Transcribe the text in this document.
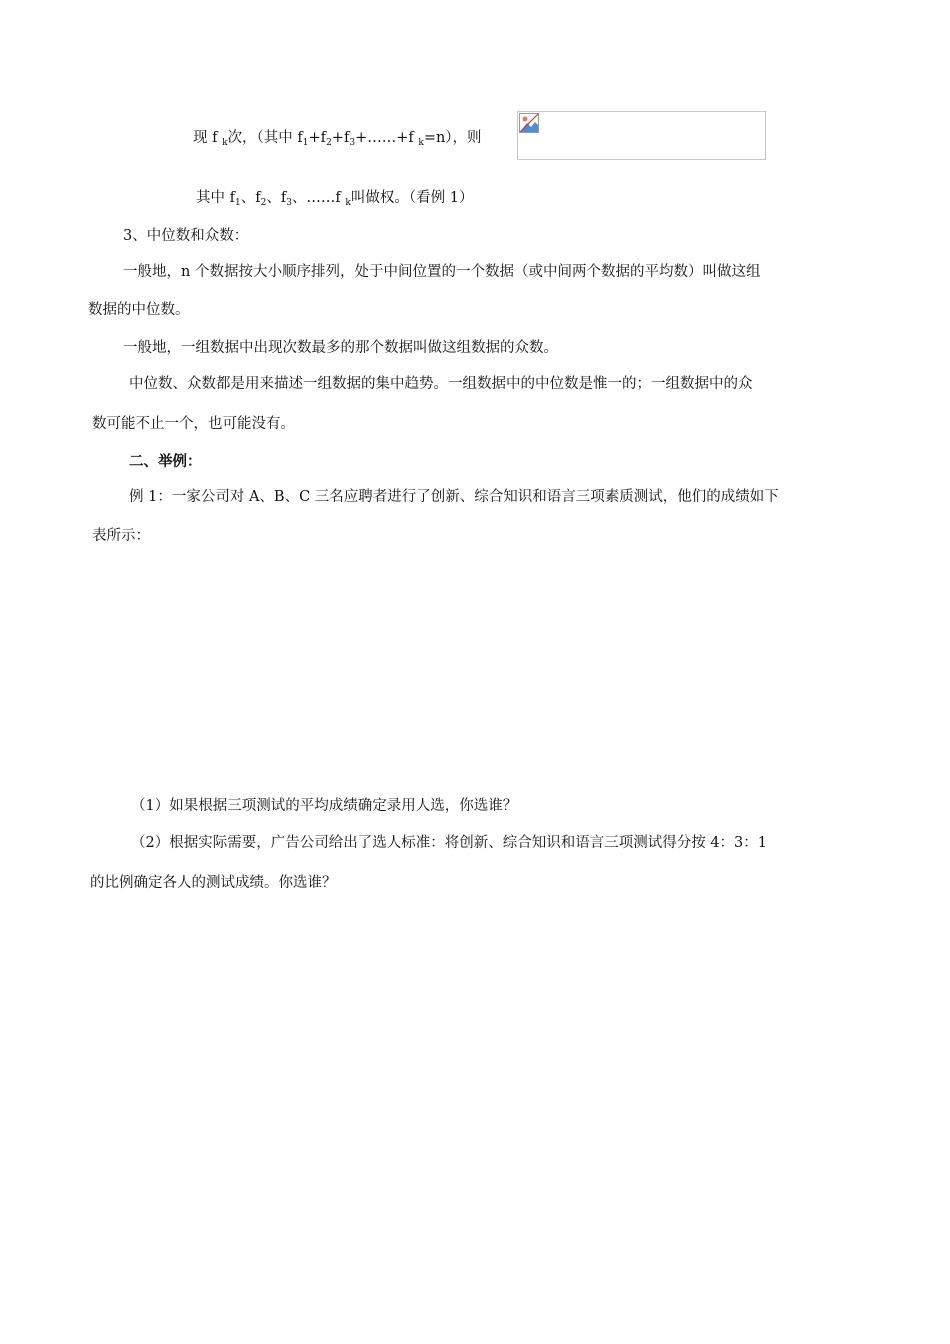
现 f $_k$次，（其中 $f_1+f_2+f_3+\dots\dots+f$ $_k$=n），则
其中 $f_1$、$f_2$、$f_3$、……f $_k$叫做权。（看例 1）
3、中位数和众数：
一般地，n 个数据按大小顺序排列，处于中间位置的一个数据（或中间两个数据的平均数）叫做这组
数据的中位数。
一般地，一组数据中出现次数最多的那个数据叫做这组数据的众数。
中位数、众数都是用来描述一组数据的集中趋势。一组数据中的中位数是惟一的；一组数据中的众
数可能不止一个，也可能没有。
二、举例：
例 1：一家公司对 A、B、C 三名应聘者进行了创新、综合知识和语言三项素质测试，他们的成绩如下
表所示：
（1）如果根据三项测试的平均成绩确定录用人选，你选谁？
（2）根据实际需要，广告公司给出了选人标准：将创新、综合知识和语言三项测试得分按 4：3：1
的比例确定各人的测试成绩。你选谁？
